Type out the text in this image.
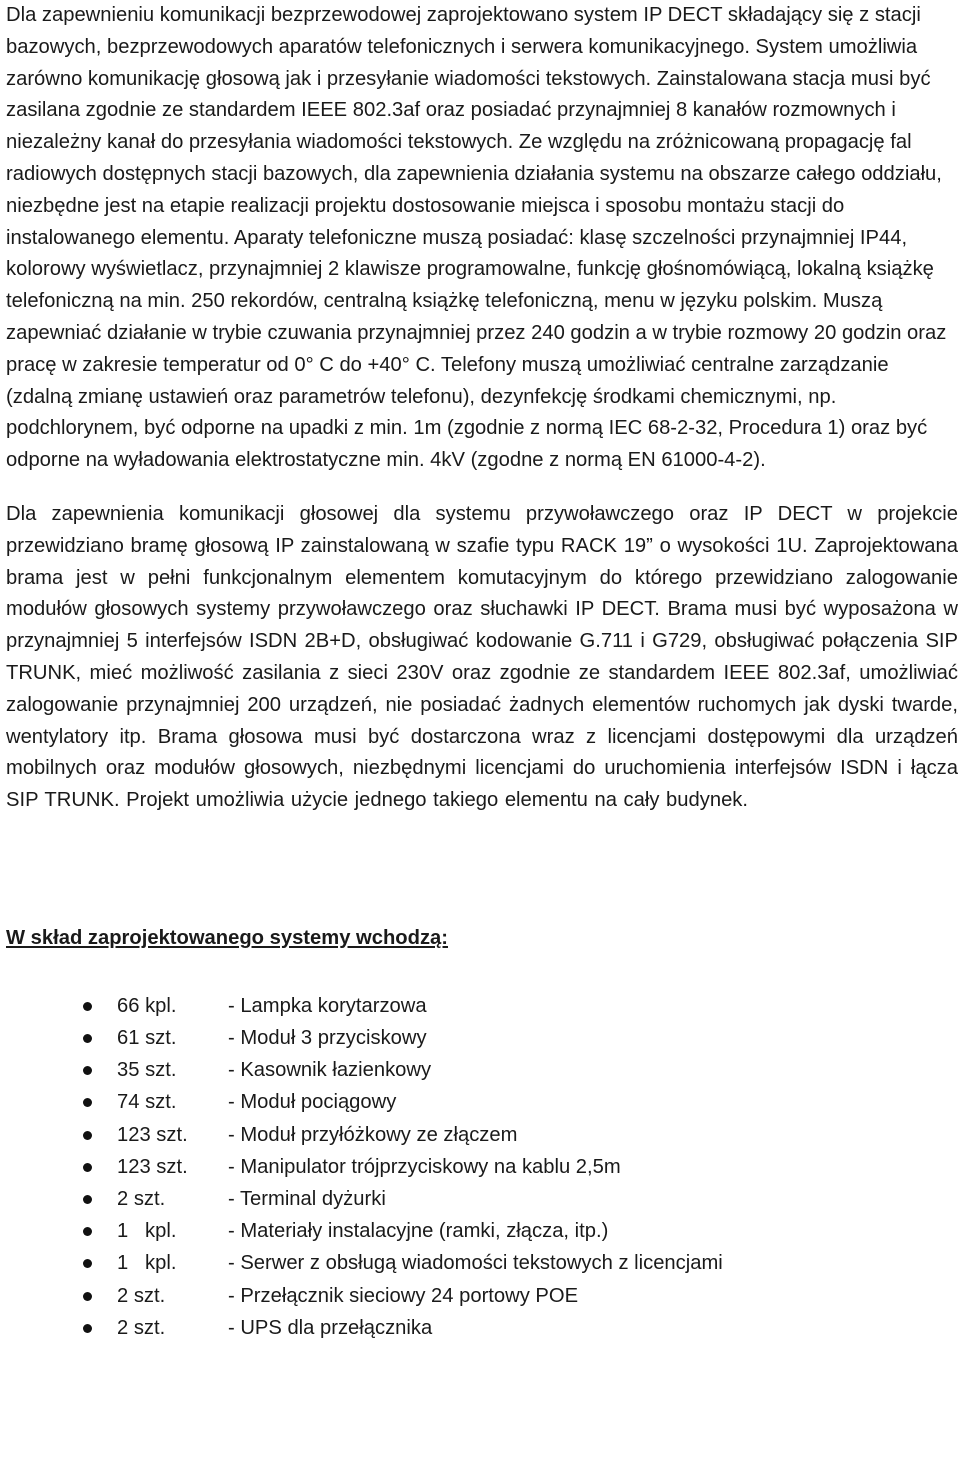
Dla zapewnieniu komunikacji bezprzewodowej zaprojektowano system IP DECT składający się z stacji bazowych, bezprzewodowych aparatów telefonicznych i serwera komunikacyjnego. System umożliwia zarówno komunikację głosową jak i przesyłanie wiadomości tekstowych. Zainstalowana stacja musi być zasilana zgodnie ze standardem IEEE 802.3af oraz posiadać przynajmniej 8 kanałów rozmownych i niezależny kanał do przesyłania wiadomości tekstowych. Ze względu na zróżnicowaną propagację fal radiowych dostępnych stacji bazowych, dla zapewnienia działania systemu na obszarze całego oddziału, niezbędne jest na etapie realizacji projektu dostosowanie miejsca i sposobu montażu stacji do instalowanego elementu. Aparaty telefoniczne muszą posiadać: klasę szczelności przynajmniej IP44, kolorowy wyświetlacz, przynajmniej 2 klawisze programowalne, funkcję głośnomówiącą, lokalną książkę telefoniczną na min. 250 rekordów, centralną książkę telefoniczną, menu w języku polskim. Muszą zapewniać działanie w trybie czuwania przynajmniej przez 240 godzin a w trybie rozmowy 20 godzin oraz pracę w zakresie temperatur od 0° C do +40° C. Telefony muszą umożliwiać centralne zarządzanie (zdalną zmianę ustawień oraz parametrów telefonu), dezynfekcję środkami chemicznymi, np. podchlorynem, być odporne na upadki z min. 1m (zgodnie z normą IEC 68-2-32, Procedura 1) oraz być odporne na wyładowania elektrostatyczne min. 4kV (zgodne z normą EN 61000-4-2).

Dla zapewnienia komunikacji głosowej dla systemu przywoławczego oraz IP DECT w projekcie przewidziano bramę głosową IP zainstalowaną w szafie typu RACK 19” o wysokości 1U. Zaprojektowana brama jest w pełni funkcjonalnym elementem komutacyjnym do którego przewidziano zalogowanie modułów głosowych systemy przywoławczego oraz słuchawki IP DECT. Brama musi być wyposażona w przynajmniej 5 interfejsów ISDN 2B+D, obsługiwać kodowanie G.711 i G729, obsługiwać połączenia SIP TRUNK, mieć możliwość zasilania z sieci 230V oraz zgodnie ze standardem IEEE 802.3af, umożliwiać zalogowanie przynajmniej 200 urządzeń, nie posiadać żadnych elementów ruchomych jak dyski twarde, wentylatory itp. Brama głosowa musi być dostarczona wraz z licencjami dostępowymi dla urządzeń mobilnych oraz modułów głosowych, niezbędnymi licencjami do uruchomienia interfejsów ISDN i łącza SIP TRUNK. Projekt umożliwia użycie jednego takiego elementu na cały budynek.

W skład zaprojektowanego systemy wchodzą:
66 kpl.	- Lampka korytarzowa
61 szt.	- Moduł 3 przyciskowy
35 szt.	- Kasownik łazienkowy
74 szt.	- Moduł pociągowy
123 szt. - Moduł przyłóżkowy ze złączem
123 szt. - Manipulator trójprzyciskowy na kablu 2,5m
2 szt.	- Terminal dyżurki
1   kpl.	- Materiały instalacyjne (ramki, złącza, itp.)
1   kpl.	- Serwer z obsługą wiadomości tekstowych z licencjami
2 szt.	- Przełącznik sieciowy 24 portowy POE
2 szt.	- UPS dla przełącznika
